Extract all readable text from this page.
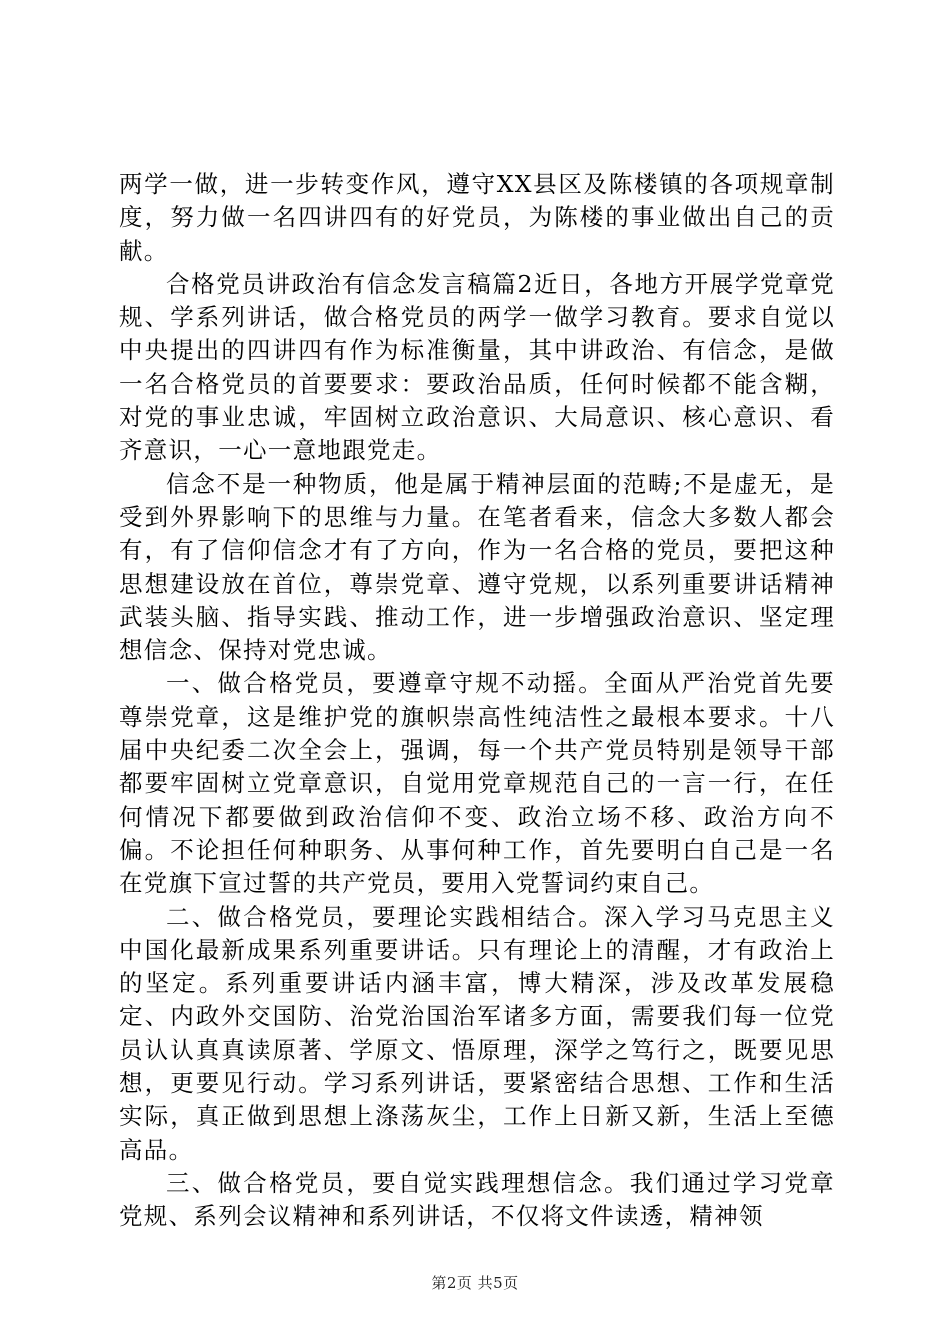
两学一做，进一步转变作风，遵守XX县区及陈楼镇的各项规章制度，努力做一名四讲四有的好党员，为陈楼的事业做出自己的贡献。

合格党员讲政治有信念发言稿篇2近日，各地方开展学党章党规、学系列讲话，做合格党员的两学一做学习教育。要求自觉以中央提出的四讲四有作为标准衡量，其中讲政治、有信念，是做一名合格党员的首要要求：要政治品质，任何时候都不能含糊，对党的事业忠诚，牢固树立政治意识、大局意识、核心意识、看齐意识，一心一意地跟党走。

信念不是一种物质，他是属于精神层面的范畴;不是虚无，是受到外界影响下的思维与力量。在笔者看来，信念大多数人都会有，有了信仰信念才有了方向，作为一名合格的党员，要把这种思想建设放在首位，尊崇党章、遵守党规，以系列重要讲话精神武装头脑、指导实践、推动工作，进一步增强政治意识、坚定理想信念、保持对党忠诚。

一、做合格党员，要遵章守规不动摇。全面从严治党首先要尊崇党章，这是维护党的旗帜崇高性纯洁性之最根本要求。十八届中央纪委二次全会上，强调，每一个共产党员特别是领导干部都要牢固树立党章意识，自觉用党章规范自己的一言一行，在任何情况下都要做到政治信仰不变、政治立场不移、政治方向不偏。不论担任何种职务、从事何种工作，首先要明白自己是一名在党旗下宣过誓的共产党员，要用入党誓词约束自己。

二、做合格党员，要理论实践相结合。深入学习马克思主义中国化最新成果系列重要讲话。只有理论上的清醒，才有政治上的坚定。系列重要讲话内涵丰富，博大精深，涉及改革发展稳定、内政外交国防、治党治国治军诸多方面，需要我们每一位党员认认真真读原著、学原文、悟原理，深学之笃行之，既要见思想，更要见行动。学习系列讲话，要紧密结合思想、工作和生活实际，真正做到思想上涤荡灰尘，工作上日新又新，生活上至德高品。

三、做合格党员，要自觉实践理想信念。我们通过学习党章党规、系列会议精神和系列讲话，不仅将文件读透，精神领

第2页 共5页
